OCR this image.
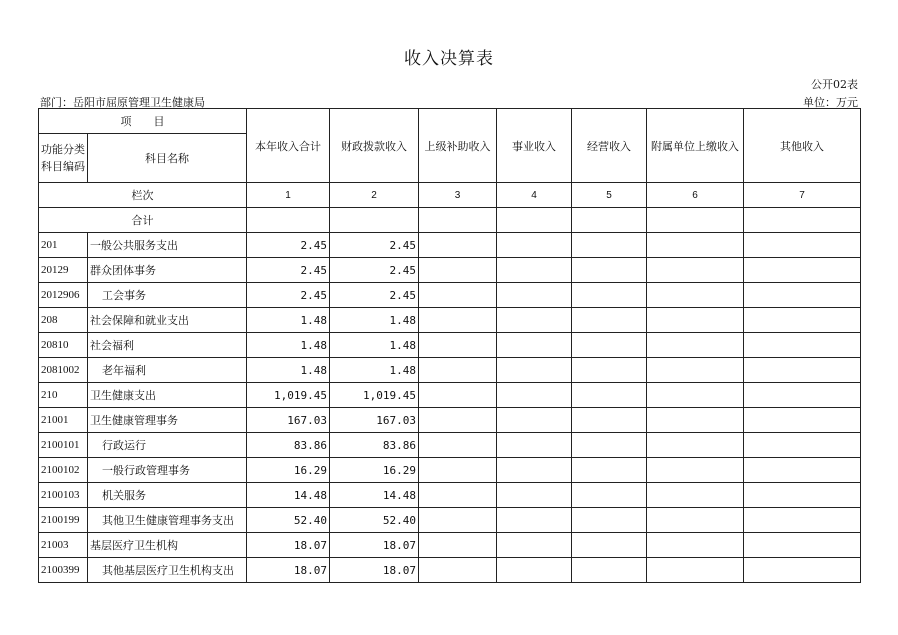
收入决算表
公开02表
部门：岳阳市屈原管理卫生健康局	单位：万元
项　　目		本年收入合计	财政拨款收入	上级补助收入	事业收入	经营收入	附属单位上缴收入	其他收入
功能分类
科目编码	科目名称							
栏次		1	2	3	4	5	6	7
合计								
201	一般公共服务支出	2.45	2.45					
20129	群众团体事务	2.45	2.45					
2012906	工会事务	2.45	2.45					
208	社会保障和就业支出	1.48	1.48					
20810	社会福利	1.48	1.48					
2081002	老年福利	1.48	1.48					
210	卫生健康支出	1,019.45	1,019.45					
21001	卫生健康管理事务	167.03	167.03					
2100101	行政运行	83.86	83.86					
2100102	一般行政管理事务	16.29	16.29					
2100103	机关服务	14.48	14.48					
2100199	其他卫生健康管理事务支出	52.40	52.40					
21003	基层医疗卫生机构	18.07	18.07					
2100399	其他基层医疗卫生机构支出	18.07	18.07					
